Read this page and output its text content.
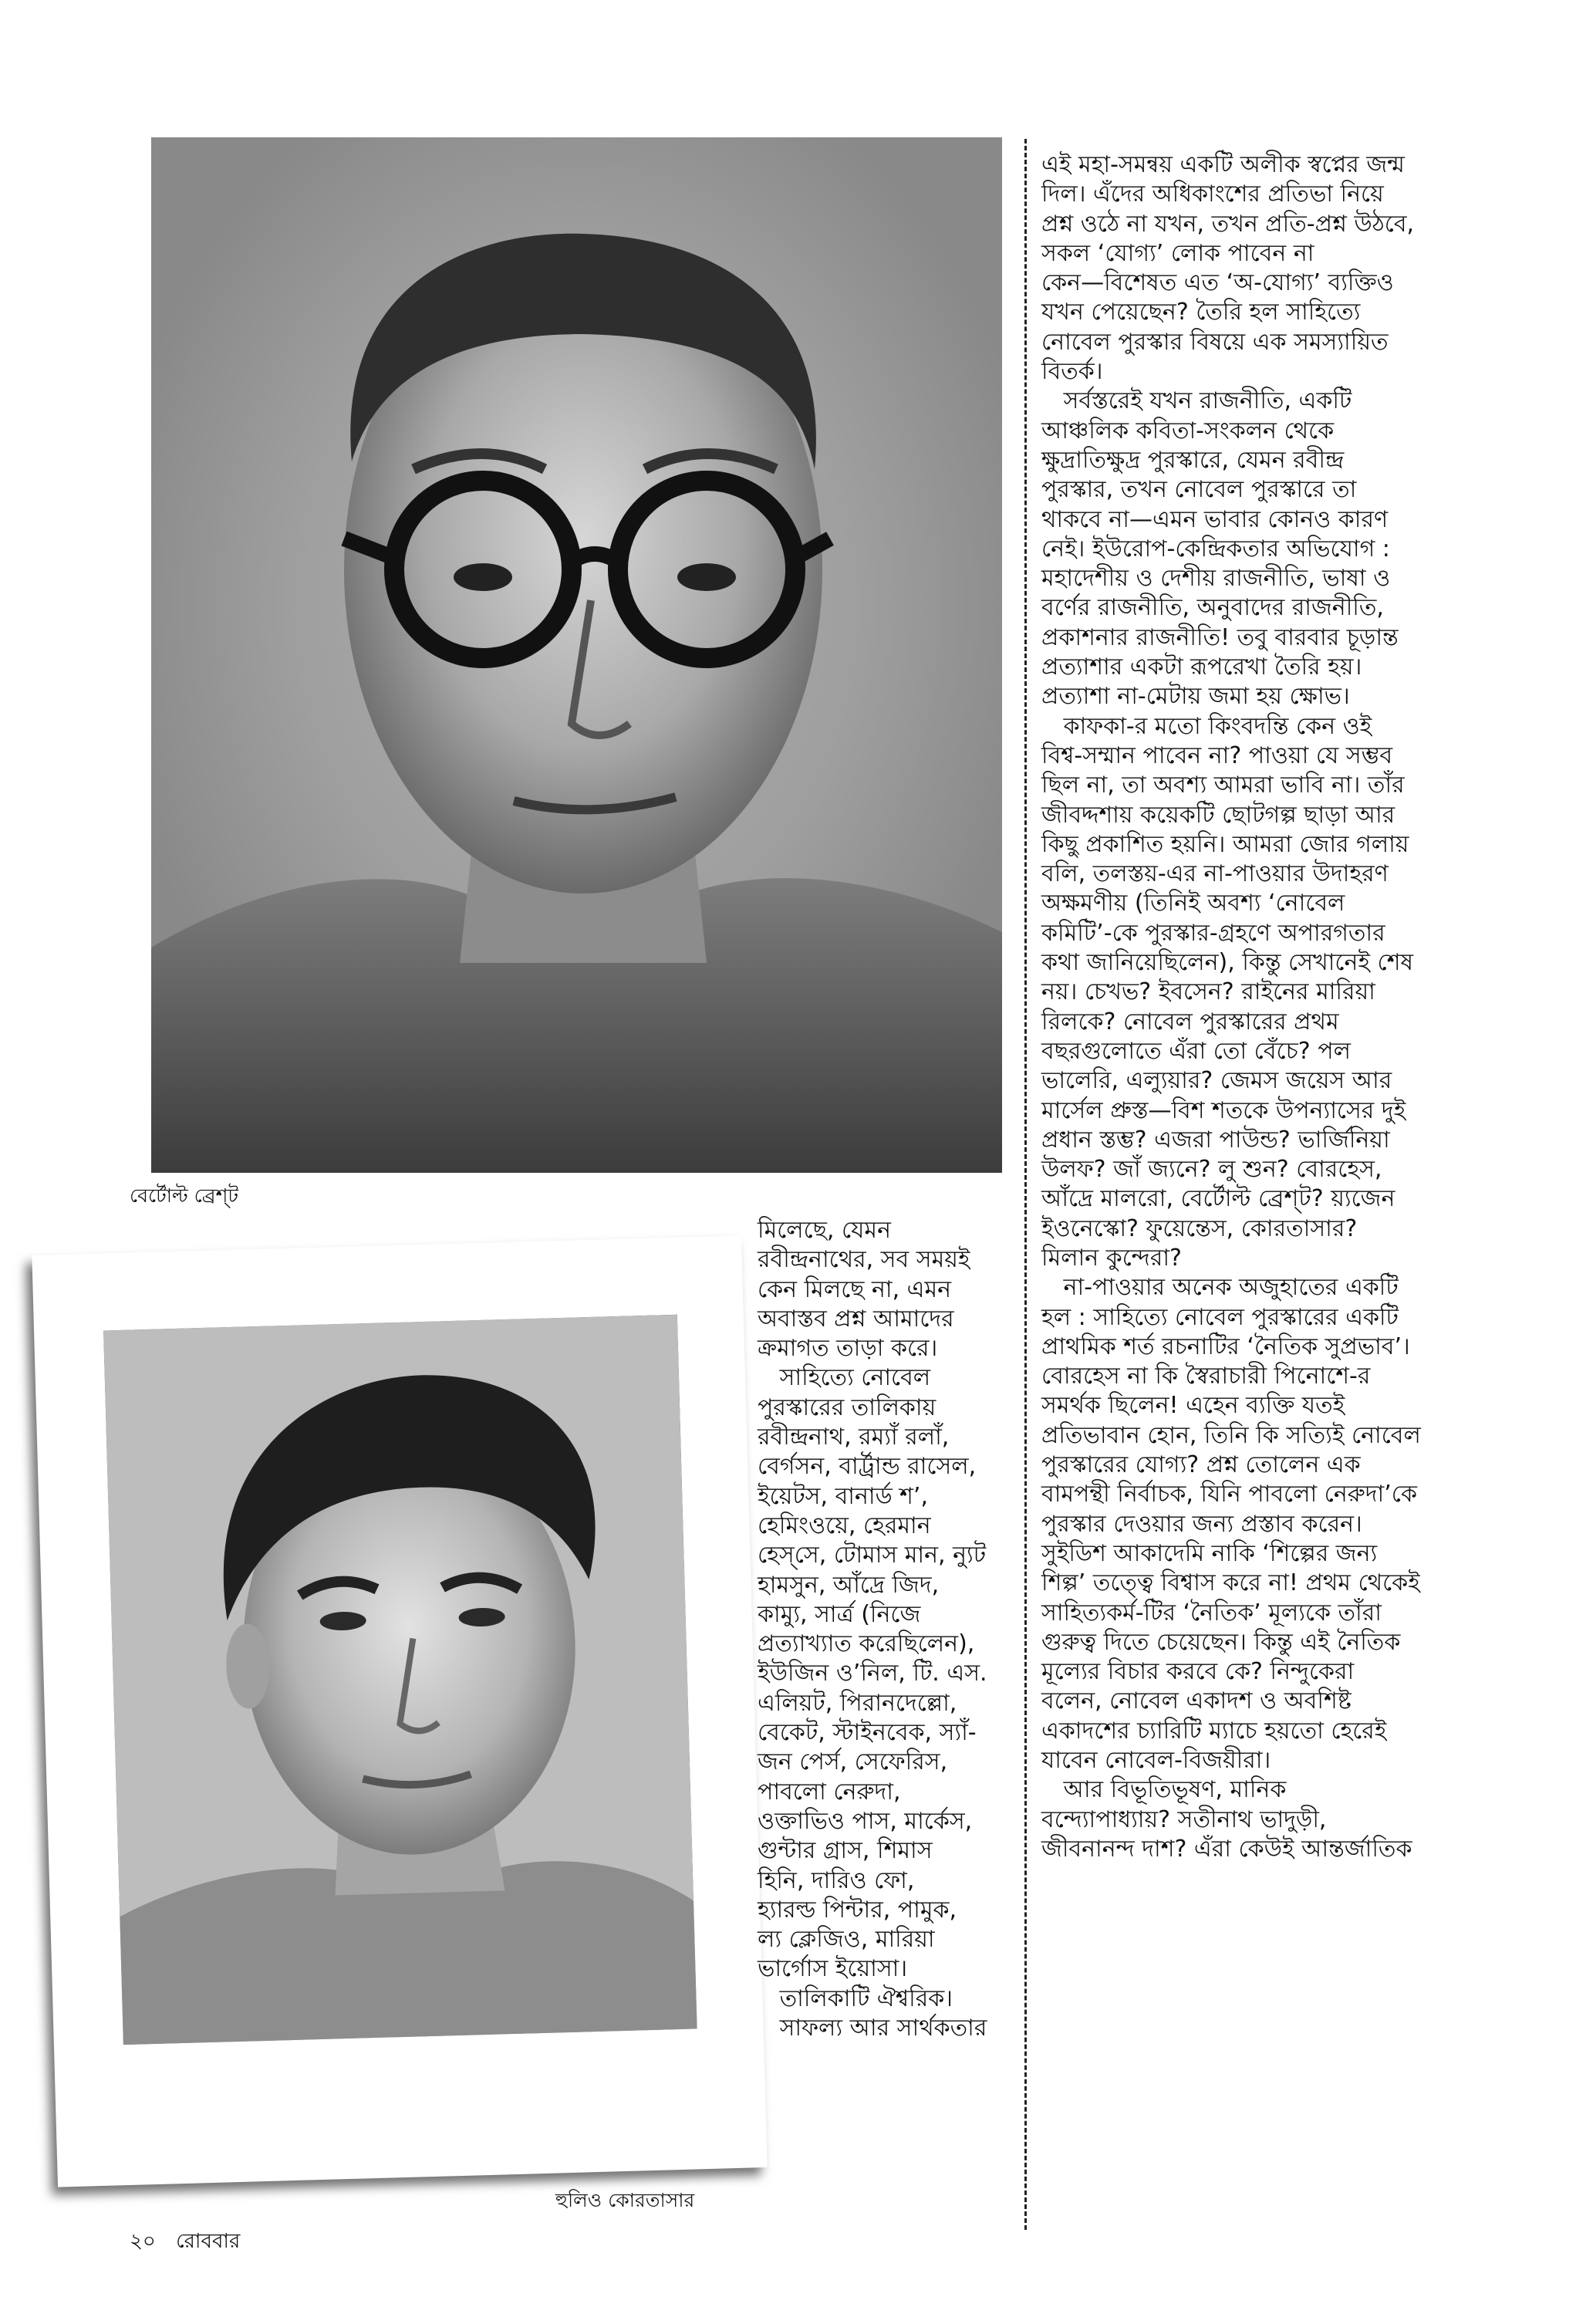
বের্টোল্ট ব্রেশ্‌ট
হুলিও কোরতাসার
মিলেছে, যেমন
রবীন্দ্রনাথের, সব সময়ই
কেন মিলছে না, এমন
অবাস্তব প্রশ্ন আমাদের
ক্রমাগত তাড়া করে।
সাহিত্যে নোবেল
পুরস্কারের তালিকায়
রবীন্দ্রনাথ, রম্যাঁ রলাঁ,
বের্গসন, বার্ট্রান্ড রাসেল,
ইয়েটস, বানার্ড শ’,
হেমিংওয়ে, হেরমান
হেস্‌সে, টোমাস মান, ন্যুট
হামসুন, আঁদ্রে জিদ,
কাম্যু, সার্ত্র (নিজে
প্রত্যাখ্যাত করেছিলেন),
ইউজিন ও’নিল, টি. এস.
এলিয়ট, পিরানদেল্লো,
বেকেট, স্টাইনবেক, স্যাঁ-
জন পের্স, সেফেরিস,
পাবলো নেরুদা,
ওক্তাভিও পাস, মার্কেস,
গুন্টার গ্রাস, শিমাস
হিনি, দারিও ফো,
হ্যারল্ড পিন্টার, পামুক,
ল্য ক্লেজিও, মারিয়া
ভার্গোস ইয়োসা।
তালিকাটি ঐশ্বরিক।
সাফল্য আর সার্থকতার
এই মহা-সমন্বয় একটি অলীক স্বপ্নের জন্ম
দিল। এঁদের অধিকাংশের প্রতিভা নিয়ে
প্রশ্ন ওঠে না যখন, তখন প্রতি-প্রশ্ন উঠবে,
সকল ‘যোগ্য’ লোক পাবেন না
কেন—বিশেষত এত ‘অ-যোগ্য’ ব্যক্তিও
যখন পেয়েছেন? তৈরি হল সাহিত্যে
নোবেল পুরস্কার বিষয়ে এক সমস্যায়িত
বিতর্ক।
সর্বস্তরেই যখন রাজনীতি, একটি
আঞ্চলিক কবিতা-সংকলন থেকে
ক্ষুদ্রাতিক্ষুদ্র পুরস্কারে, যেমন রবীন্দ্র
পুরস্কার, তখন নোবেল পুরস্কারে তা
থাকবে না—এমন ভাবার কোনও কারণ
নেই। ইউরোপ-কেন্দ্রিকতার অভিযোগ :
মহাদেশীয় ও দেশীয় রাজনীতি, ভাষা ও
বর্ণের রাজনীতি, অনুবাদের রাজনীতি,
প্রকাশনার রাজনীতি! তবু বারবার চূড়ান্ত
প্রত্যাশার একটা রূপরেখা তৈরি হয়।
প্রত্যাশা না-মেটায় জমা হয় ক্ষোভ।
কাফকা-র মতো কিংবদন্তি কেন ওই
বিশ্ব-সম্মান পাবেন না? পাওয়া যে সম্ভব
ছিল না, তা অবশ্য আমরা ভাবি না। তাঁর
জীবদ্দশায় কয়েকটি ছোটগল্প ছাড়া আর
কিছু প্রকাশিত হয়নি। আমরা জোর গলায়
বলি, তলস্তয়-এর না-পাওয়ার উদাহরণ
অক্ষমণীয় (তিনিই অবশ্য ‘নোবেল
কমিটি’-কে পুরস্কার-গ্রহণে অপারগতার
কথা জানিয়েছিলেন), কিন্তু সেখানেই শেষ
নয়। চেখভ? ইবসেন? রাইনের মারিয়া
রিলকে? নোবেল পুরস্কারের প্রথম
বছরগুলোতে এঁরা তো বেঁচে? পল
ভালেরি, এল্যুয়ার? জেমস জয়েস আর
মার্সেল প্রুস্ত—বিশ শতকে উপন্যাসের দুই
প্রধান স্তম্ভ? এজরা পাউন্ড? ভার্জিনিয়া
উলফ? জাঁ জ্যনে? লু শুন? বোরহেস,
আঁদ্রে মালরো, বের্টোল্ট ব্রেশ্‌ট? য়্যজেন
ইওনেস্কো? ফুয়েন্তেস, কোরতাসার?
মিলান কুন্দেরা?
না-পাওয়ার অনেক অজুহাতের একটি
হল : সাহিত্যে নোবেল পুরস্কারের একটি
প্রাথমিক শর্ত রচনাটির ‘নৈতিক সুপ্রভাব’।
বোরহেস না কি স্বৈরাচারী পিনোশে-র
সমর্থক ছিলেন! এহেন ব্যক্তি যতই
প্রতিভাবান হোন, তিনি কি সত্যিই নোবেল
পুরস্কারের যোগ্য? প্রশ্ন তোলেন এক
বামপন্থী নির্বাচক, যিনি পাবলো নেরুদা’কে
পুরস্কার দেওয়ার জন্য প্রস্তাব করেন।
সুইডিশ আকাদেমি নাকি ‘শিল্পের জন্য
শিল্প’ তত্ত্বে বিশ্বাস করে না! প্রথম থেকেই
সাহিত্যকর্ম-টির ‘নৈতিক’ মূল্যকে তাঁরা
গুরুত্ব দিতে চেয়েছেন। কিন্তু এই নৈতিক
মূল্যের বিচার করবে কে? নিন্দুকেরা
বলেন, নোবেল একাদশ ও অবশিষ্ট
একাদশের চ্যারিটি ম্যাচে হয়তো হেরেই
যাবেন নোবেল-বিজয়ীরা।
আর বিভূতিভূষণ, মানিক
বন্দ্যোপাধ্যায়? সতীনাথ ভাদুড়ী,
জীবনানন্দ দাশ? এঁরা কেউই আন্তর্জাতিক
২০ রোববার
